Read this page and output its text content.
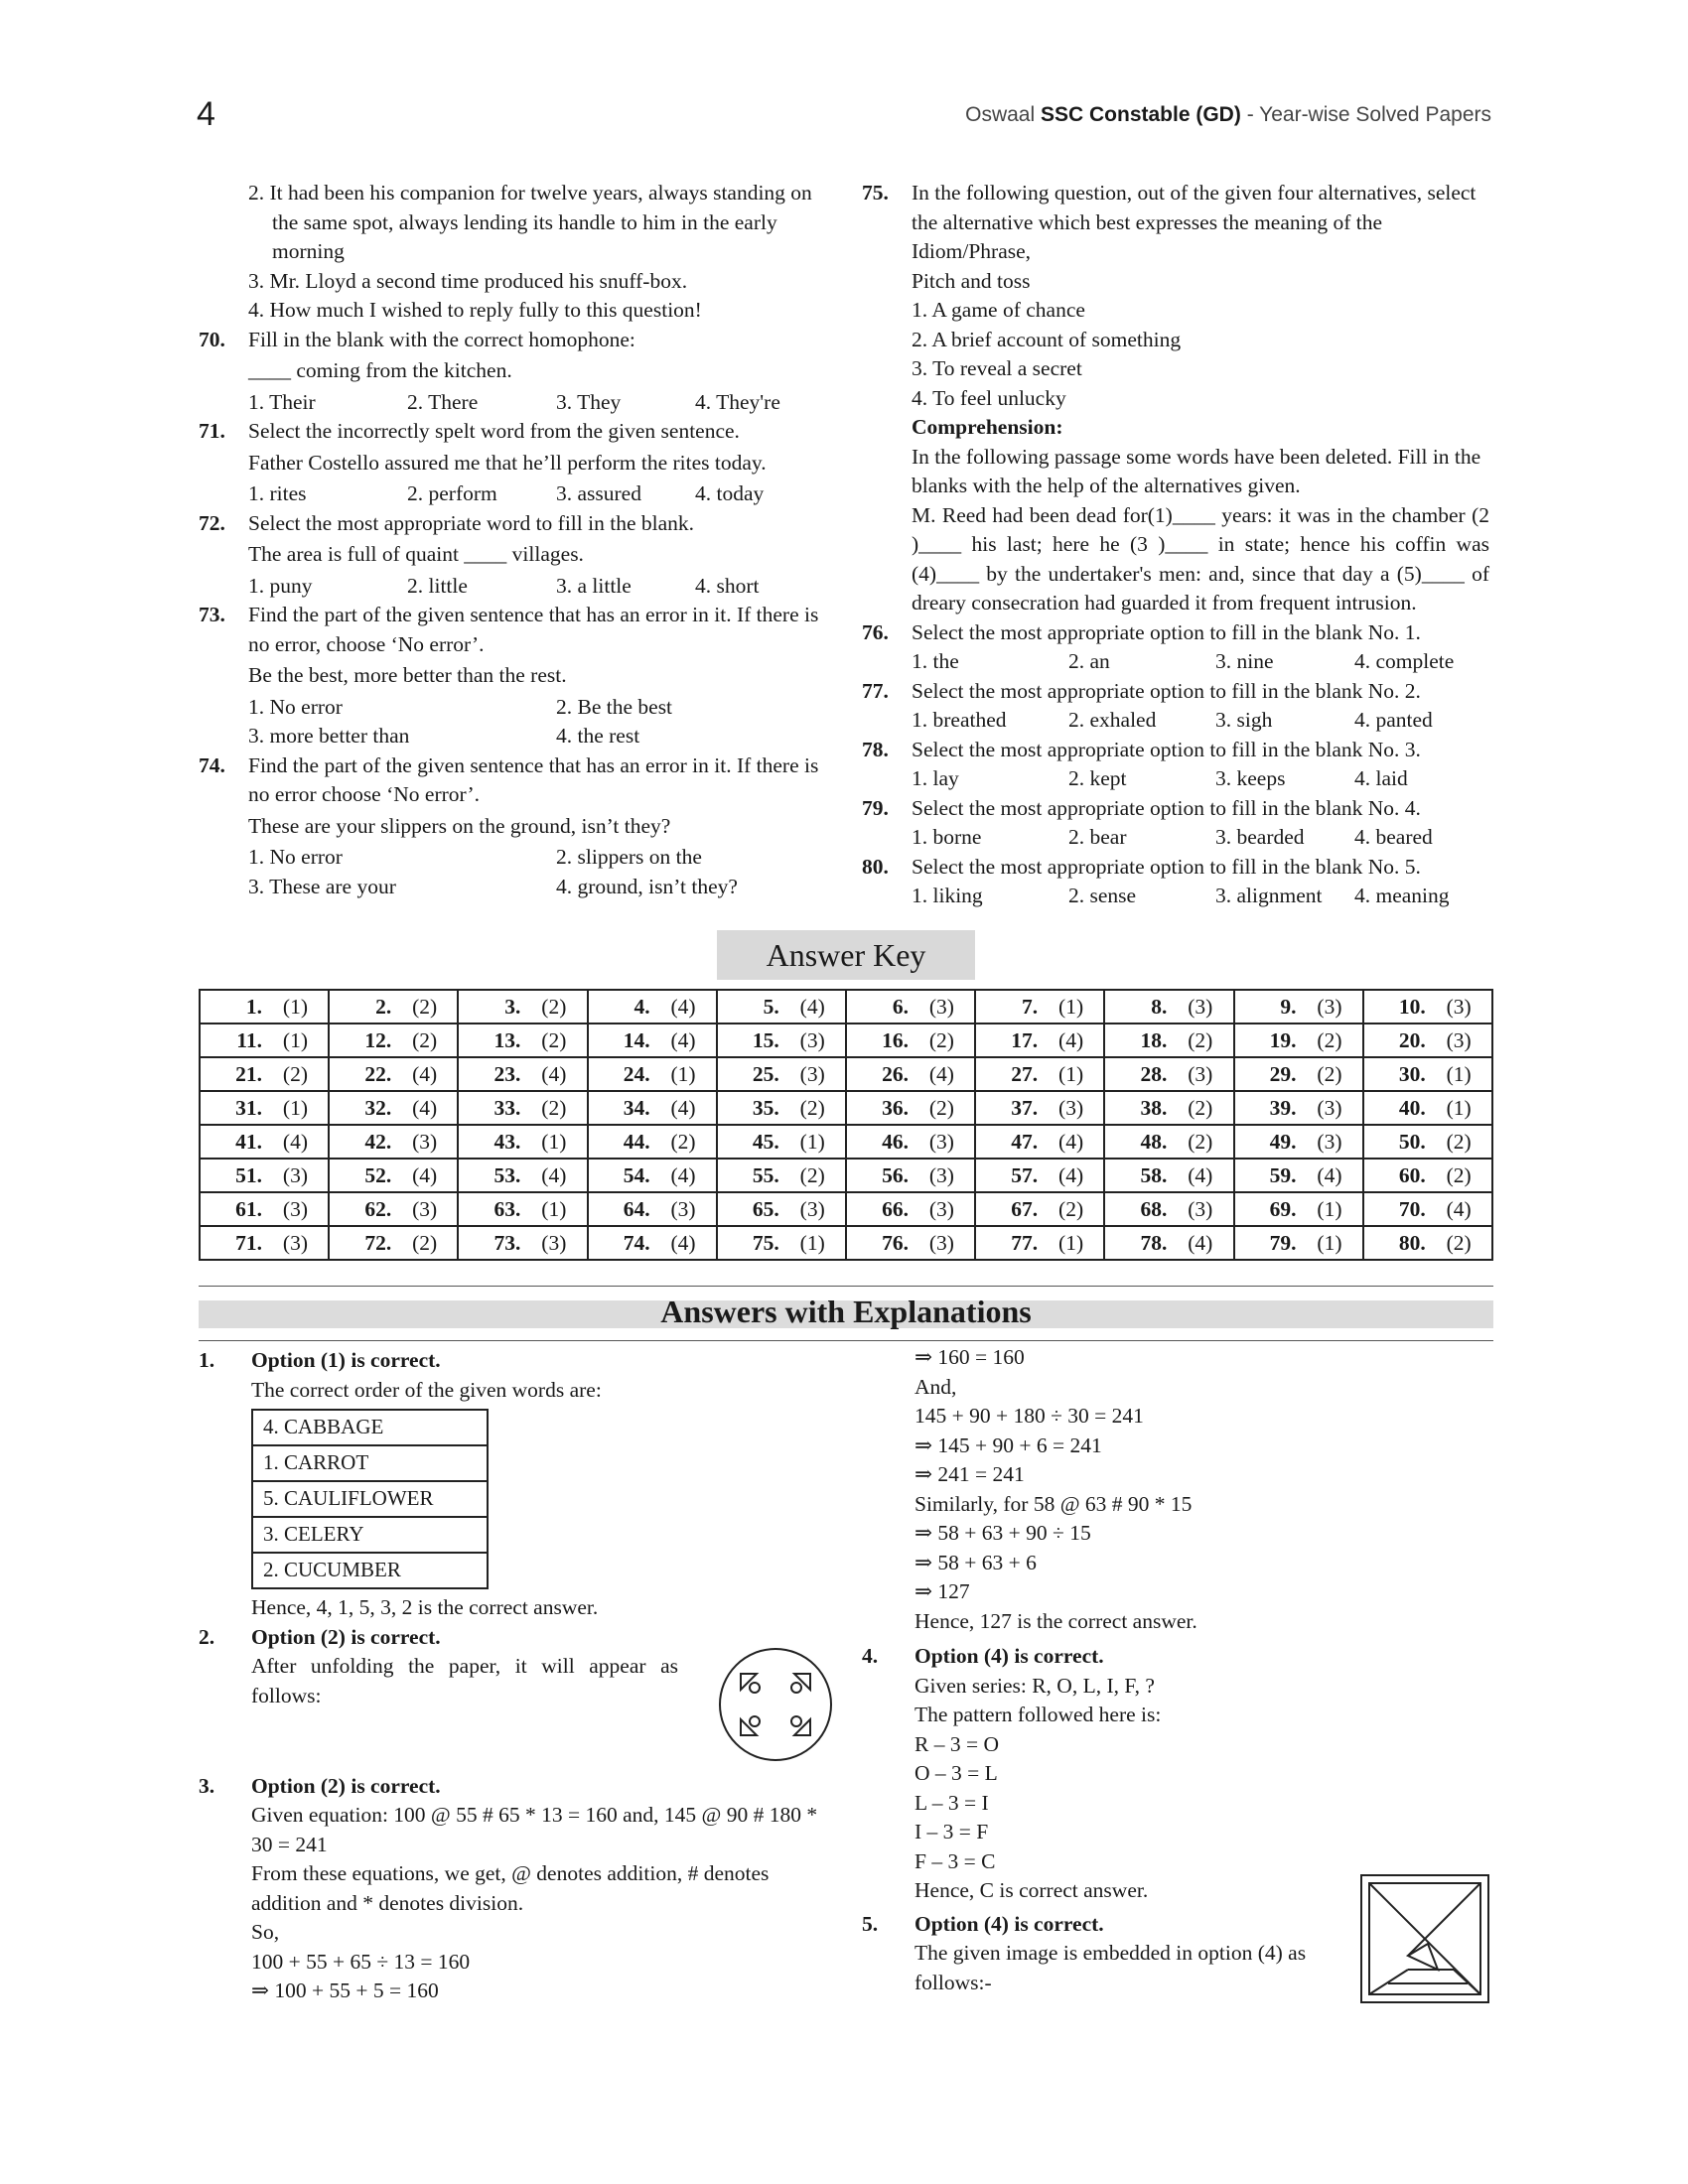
4	Oswaal SSC Constable (GD) - Year-wise Solved Papers
2. It had been his companion for twelve years, always standing on the same spot, always lending its handle to him in the early morning
3. Mr. Lloyd a second time produced his snuff-box.
4. How much I wished to reply fully to this question!
70. Fill in the blank with the correct homophone:
____ coming from the kitchen.
1. Their	2. There	3. They	4. They're
71. Select the incorrectly spelt word from the given sentence.
Father Costello assured me that he’ll perform the rites today.
1. rites	2. perform	3. assured	4. today
72. Select the most appropriate word to fill in the blank.
The area is full of quaint ____ villages.
1. puny	2. little	3. a little	4. short
73. Find the part of the given sentence that has an error in it. If there is no error, choose ‘No error’.
Be the best, more better than the rest.
1. No error	2. Be the best
3. more better than	4. the rest
74. Find the part of the given sentence that has an error in it. If there is no error choose ‘No error’.
These are your slippers on the ground, isn’t they?
1. No error	2. slippers on the
3. These are your	4. ground, isn’t they?
75. In the following question, out of the given four alternatives, select the alternative which best expresses the meaning of the Idiom/Phrase,
Pitch and toss
1. A game of chance
2. A brief account of something
3. To reveal a secret
4. To feel unlucky
Comprehension:
In the following passage some words have been deleted. Fill in the blanks with the help of the alternatives given.
M. Reed had been dead for(1)____ years: it was in the chamber (2 )____ his last; here he (3 )____ in state; hence his coffin was (4)____ by the undertaker's men: and, since that day a (5)____ of dreary consecration had guarded it from frequent intrusion.
76. Select the most appropriate option to fill in the blank No. 1.
1. the	2. an	3. nine	4. complete
77. Select the most appropriate option to fill in the blank No. 2.
1. breathed	2. exhaled	3. sigh	4. panted
78. Select the most appropriate option to fill in the blank No. 3.
1. lay	2. kept	3. keeps	4. laid
79. Select the most appropriate option to fill in the blank No. 4.
1. borne	2. bear	3. bearded	4. beared
80. Select the most appropriate option to fill in the blank No. 5.
1. liking	2. sense	3. alignment	4. meaning
Answer Key
1. (1)	2. (2)	3. (2)	4. (4)	5. (4)	6. (3)	7. (1)	8. (3)	9. (3)	10. (3)
11. (1)	12. (2)	13. (2)	14. (4)	15. (3)	16. (2)	17. (4)	18. (2)	19. (2)	20. (3)
21. (2)	22. (4)	23. (4)	24. (1)	25. (3)	26. (4)	27. (1)	28. (3)	29. (2)	30. (1)
31. (1)	32. (4)	33. (2)	34. (4)	35. (2)	36. (2)	37. (3)	38. (2)	39. (3)	40. (1)
41. (4)	42. (3)	43. (1)	44. (2)	45. (1)	46. (3)	47. (4)	48. (2)	49. (3)	50. (2)
51. (3)	52. (4)	53. (4)	54. (4)	55. (2)	56. (3)	57. (4)	58. (4)	59. (4)	60. (2)
61. (3)	62. (3)	63. (1)	64. (3)	65. (3)	66. (3)	67. (2)	68. (3)	69. (1)	70. (4)
71. (3)	72. (2)	73. (3)	74. (4)	75. (1)	76. (3)	77. (1)	78. (4)	79. (1)	80. (2)
Answers with Explanations
1. Option (1) is correct.
The correct order of the given words are:
4. CABBAGE
1. CARROT
5. CAULIFLOWER
3. CELERY
2. CUCUMBER
Hence, 4, 1, 5, 3, 2 is the correct answer.
2. Option (2) is correct.
After unfolding the paper, it will appear as follows:
3. Option (2) is correct.
Given equation: 100 @ 55 # 65 * 13 = 160 and, 145 @ 90 # 180 * 30 = 241
From these equations, we get, @ denotes addition, # denotes addition and * denotes division.
So,
100 + 55 + 65 ÷ 13 = 160
⇒ 100 + 55 + 5 = 160
⇒ 160 = 160
And,
145 + 90 + 180 ÷ 30 = 241
⇒ 145 + 90 + 6 = 241
⇒ 241 = 241
Similarly, for 58 @ 63 # 90 * 15
⇒ 58 + 63 + 90 ÷ 15
⇒ 58 + 63 + 6
⇒ 127
Hence, 127 is the correct answer.
4. Option (4) is correct.
Given series: R, O, L, I, F, ?
The pattern followed here is:
R – 3 = O
O – 3 = L
L – 3 = I
I – 3 = F
F – 3 = C
Hence, C is correct answer.
5. Option (4) is correct.
The given image is embedded in option (4) as follows:-
